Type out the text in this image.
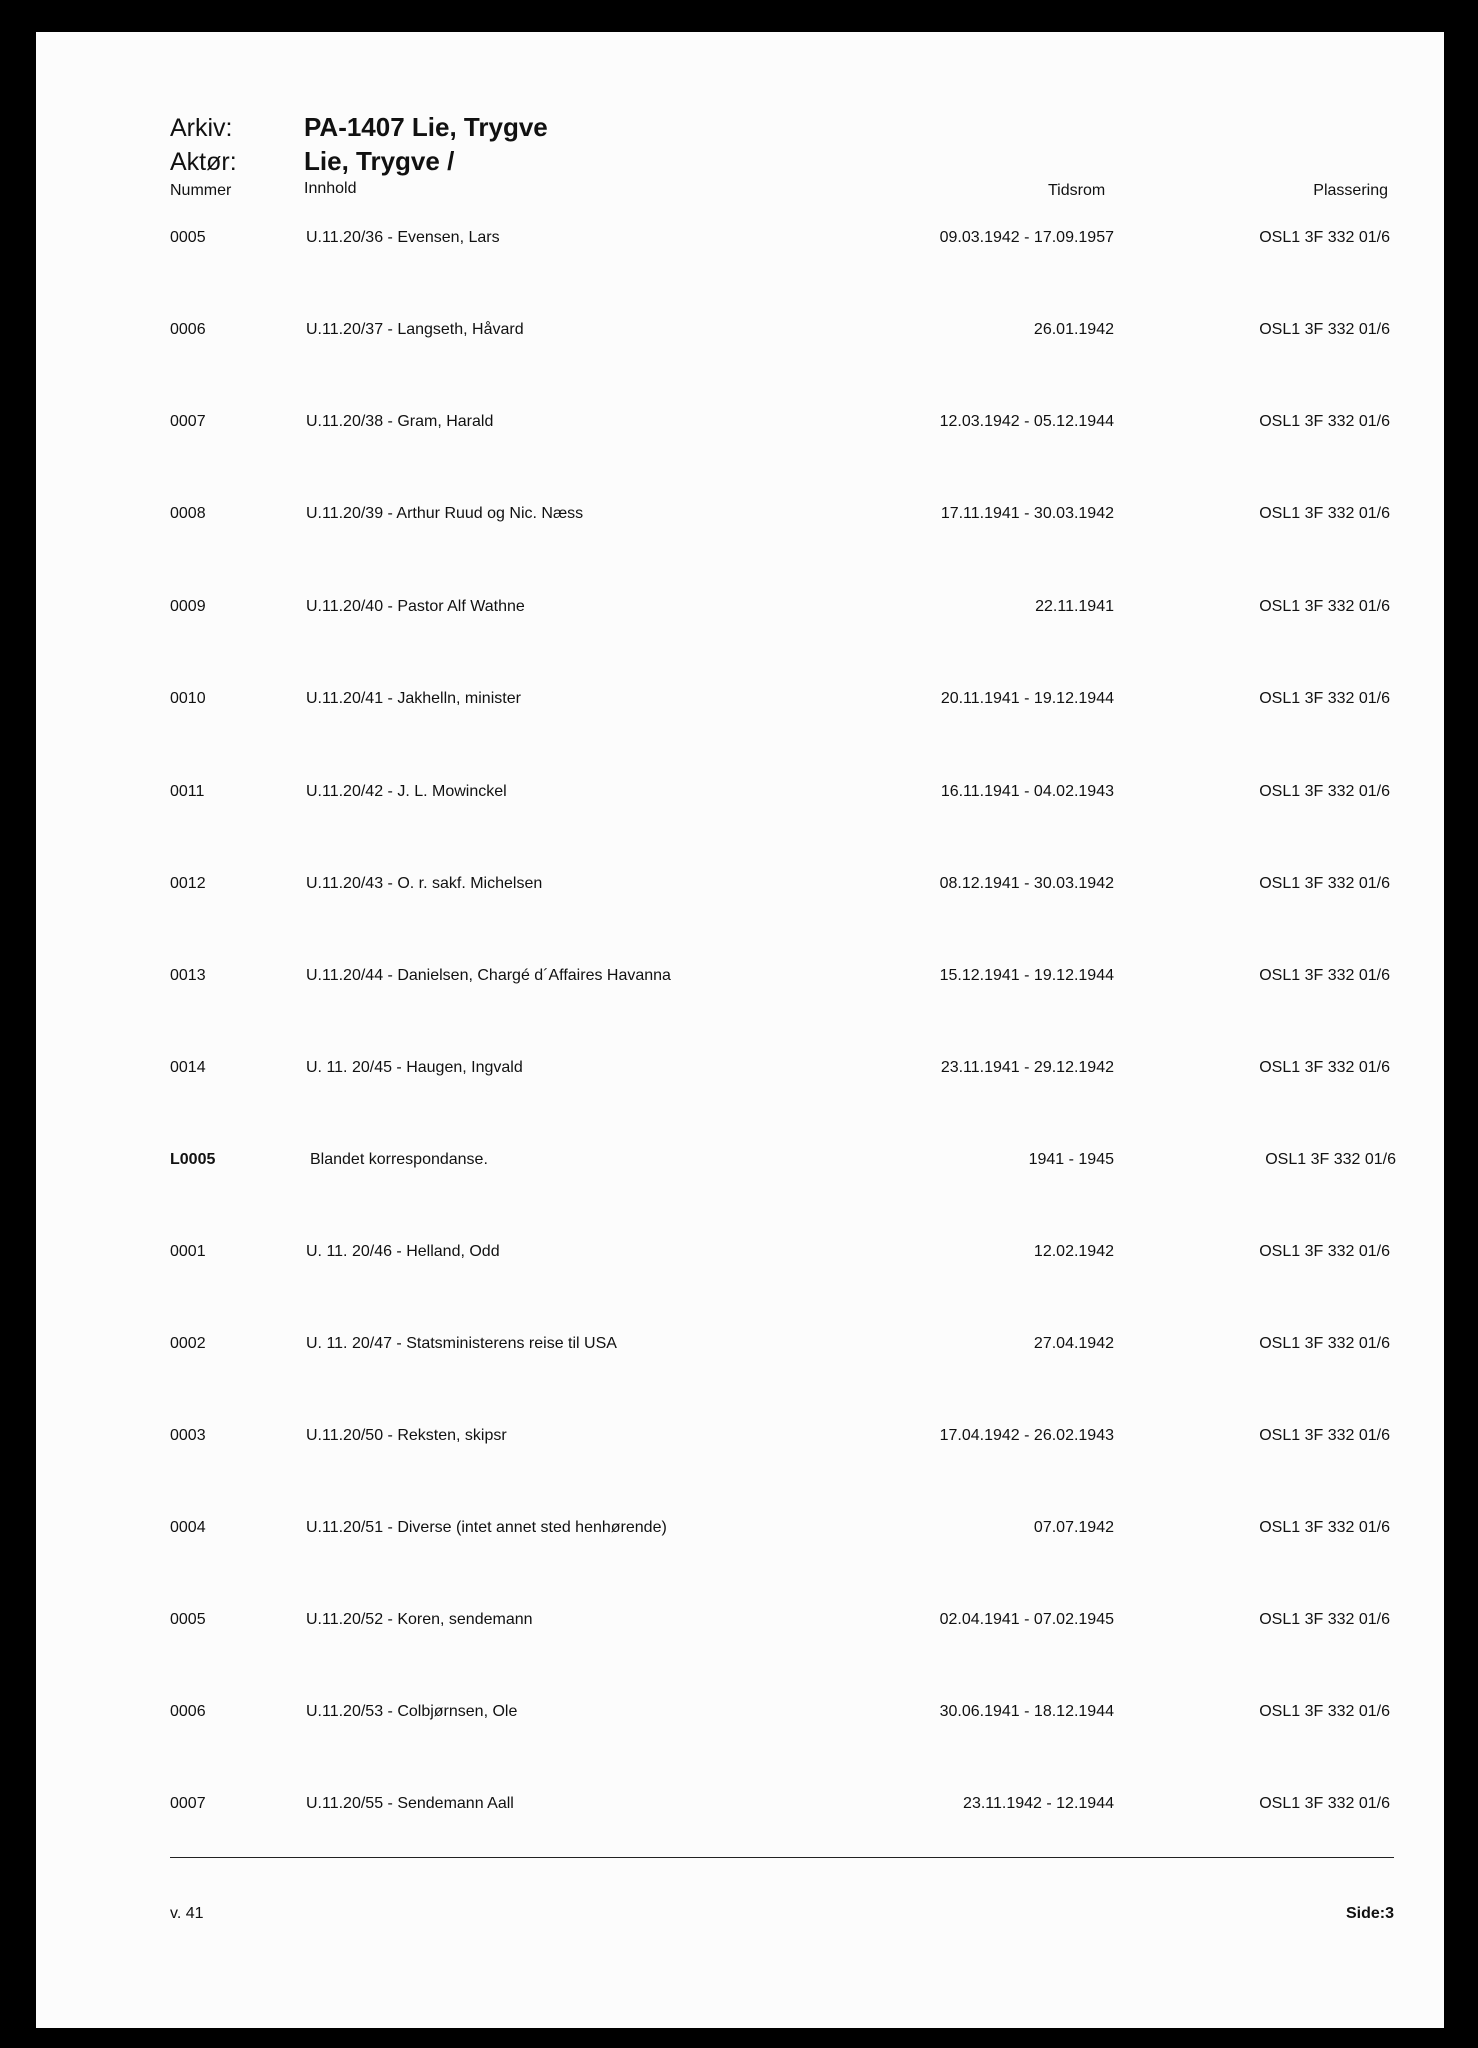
Arkiv:	PA-1407 Lie, Trygve
Aktør:	Lie, Trygve /
Nummer	Innhold	Tidsrom	Plassering
0005	U.11.20/36 - Evensen, Lars	09.03.1942 - 17.09.1957	OSL1 3F 332 01/6
0006	U.11.20/37 - Langseth, Håvard	26.01.1942	OSL1 3F 332 01/6
0007	U.11.20/38 - Gram, Harald	12.03.1942 - 05.12.1944	OSL1 3F 332 01/6
0008	U.11.20/39 - Arthur Ruud og Nic. Næss	17.11.1941 - 30.03.1942	OSL1 3F 332 01/6
0009	U.11.20/40 - Pastor Alf Wathne	22.11.1941	OSL1 3F 332 01/6
0010	U.11.20/41 - Jakhelln, minister	20.11.1941 - 19.12.1944	OSL1 3F 332 01/6
0011	U.11.20/42 - J. L. Mowinckel	16.11.1941 - 04.02.1943	OSL1 3F 332 01/6
0012	U.11.20/43 - O. r. sakf. Michelsen	08.12.1941 - 30.03.1942	OSL1 3F 332 01/6
0013	U.11.20/44 - Danielsen, Chargé d´Affaires Havanna	15.12.1941 - 19.12.1944	OSL1 3F 332 01/6
0014	U. 11. 20/45 - Haugen, Ingvald	23.11.1941 - 29.12.1942	OSL1 3F 332 01/6
L0005	Blandet korrespondanse.	1941 - 1945	OSL1 3F 332 01/6
0001	U. 11. 20/46 - Helland, Odd	12.02.1942	OSL1 3F 332 01/6
0002	U. 11. 20/47 - Statsministerens reise til USA	27.04.1942	OSL1 3F 332 01/6
0003	U.11.20/50 - Reksten, skipsr	17.04.1942 - 26.02.1943	OSL1 3F 332 01/6
0004	U.11.20/51 - Diverse (intet annet sted henhørende)	07.07.1942	OSL1 3F 332 01/6
0005	U.11.20/52 - Koren, sendemann	02.04.1941 - 07.02.1945	OSL1 3F 332 01/6
0006	U.11.20/53 - Colbjørnsen, Ole	30.06.1941 - 18.12.1944	OSL1 3F 332 01/6
0007	U.11.20/55 - Sendemann Aall	23.11.1942 - 12.1944	OSL1 3F 332 01/6
v. 41	Side:3
